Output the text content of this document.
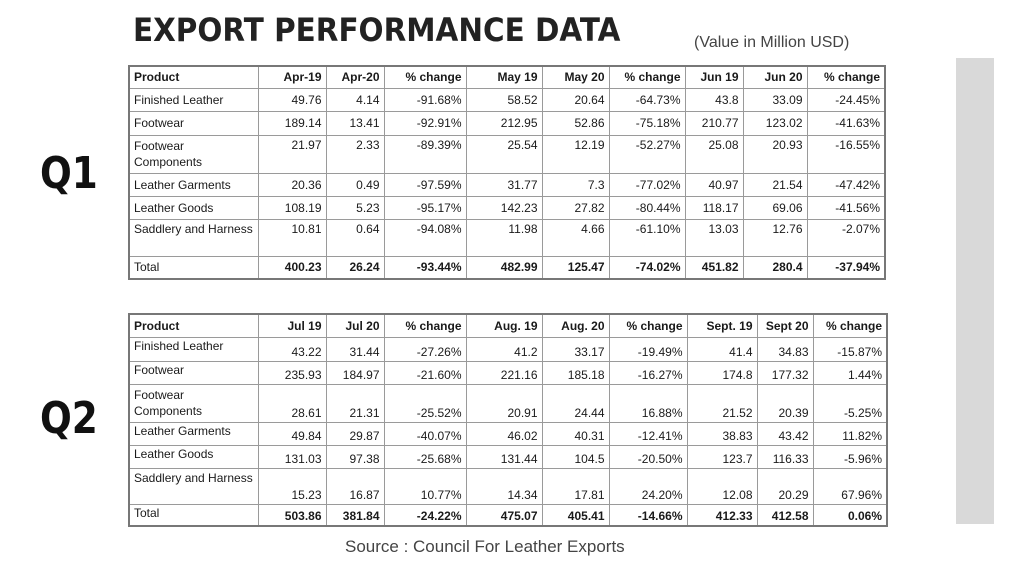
EXPORT PERFORMANCE DATA	(Value in Million USD)
Q1
Q2
Product	Apr-19	Apr-20	% change	May 19	May 20	% change	Jun 19	Jun 20	% change
Finished Leather	49.76	4.14	-91.68%	58.52	20.64	-64.73%	43.8	33.09	-24.45%
Footwear	189.14	13.41	-92.91%	212.95	52.86	-75.18%	210.77	123.02	-41.63%
Footwear Components	21.97	2.33	-89.39%	25.54	12.19	-52.27%	25.08	20.93	-16.55%
Leather Garments	20.36	0.49	-97.59%	31.77	7.3	-77.02%	40.97	21.54	-47.42%
Leather Goods	108.19	5.23	-95.17%	142.23	27.82	-80.44%	118.17	69.06	-41.56%
Saddlery and Harness	10.81	0.64	-94.08%	11.98	4.66	-61.10%	13.03	12.76	-2.07%
Total	400.23	26.24	-93.44%	482.99	125.47	-74.02%	451.82	280.4	-37.94%
Product	Jul 19	Jul 20	% change	Aug. 19	Aug. 20	% change	Sept. 19	Sept 20	% change
Finished Leather	43.22	31.44	-27.26%	41.2	33.17	-19.49%	41.4	34.83	-15.87%
Footwear	235.93	184.97	-21.60%	221.16	185.18	-16.27%	174.8	177.32	1.44%
Footwear Components	28.61	21.31	-25.52%	20.91	24.44	16.88%	21.52	20.39	-5.25%
Leather Garments	49.84	29.87	-40.07%	46.02	40.31	-12.41%	38.83	43.42	11.82%
Leather Goods	131.03	97.38	-25.68%	131.44	104.5	-20.50%	123.7	116.33	-5.96%
Saddlery and Harness	15.23	16.87	10.77%	14.34	17.81	24.20%	12.08	20.29	67.96%
Total	503.86	381.84	-24.22%	475.07	405.41	-14.66%	412.33	412.58	0.06%
Source : Council For Leather Exports
